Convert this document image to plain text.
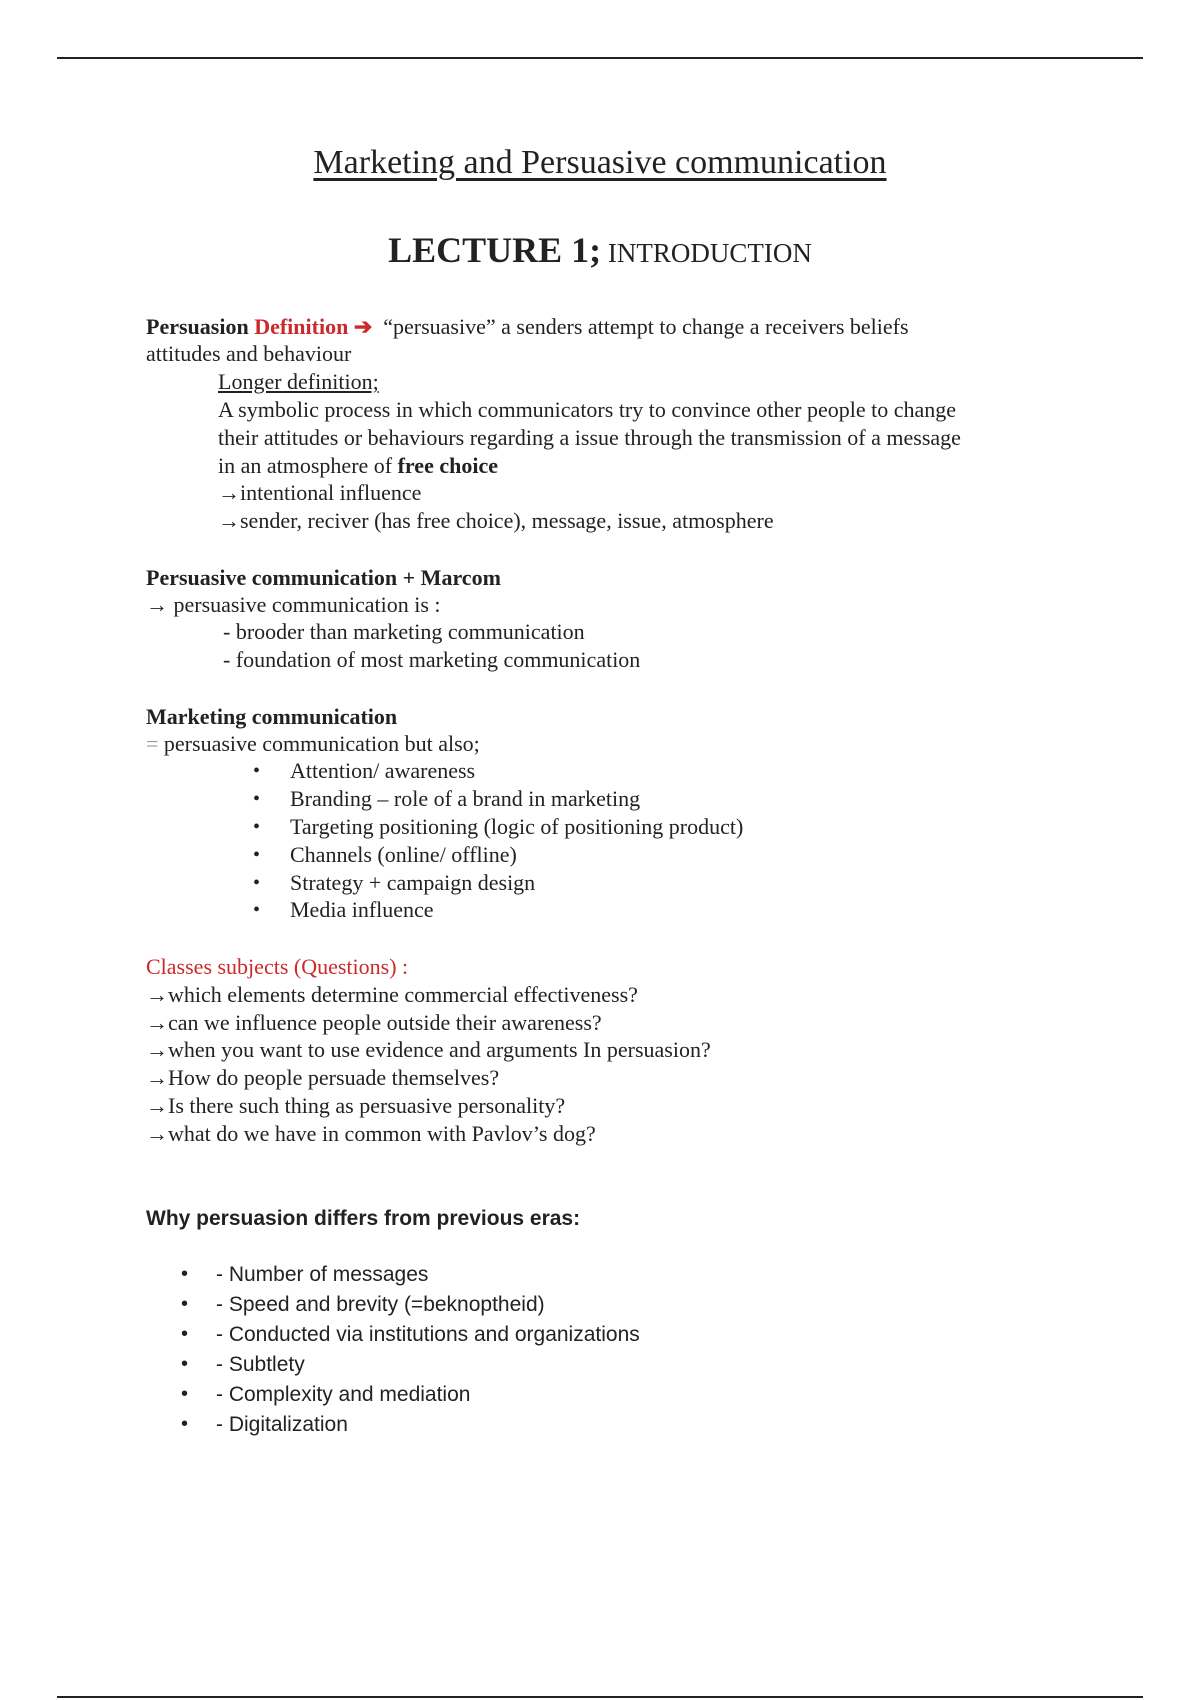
Marketing and Persuasive communication
LECTURE 1; INTRODUCTION
Persuasion Definition ➔ “persuasive” a senders attempt to change a receivers beliefs
attitudes and behaviour
Longer definition;
A symbolic process in which communicators try to convince other people to change
their attitudes or behaviours regarding a issue through the transmission of a message
in an atmosphere of free choice
→intentional influence
→sender, reciver (has free choice), message, issue, atmosphere
Persuasive communication + Marcom
→ persuasive communication is :
- brooder than marketing communication
- foundation of most marketing communication
Marketing communication
= persuasive communication but also;
• Attention/ awareness
• Branding – role of a brand in marketing
• Targeting positioning (logic of positioning product)
• Channels (online/ offline)
• Strategy + campaign design
• Media influence
Classes subjects (Questions) :
→which elements determine commercial effectiveness?
→can we influence people outside their awareness?
→when you want to use evidence and arguments In persuasion?
→How do people persuade themselves?
→Is there such thing as persuasive personality?
→what do we have in common with Pavlov’s dog?
Why persuasion differs from previous eras:
• - Number of messages
• - Speed and brevity (=beknoptheid)
• - Conducted via institutions and organizations
• - Subtlety
• - Complexity and mediation
• - Digitalization
